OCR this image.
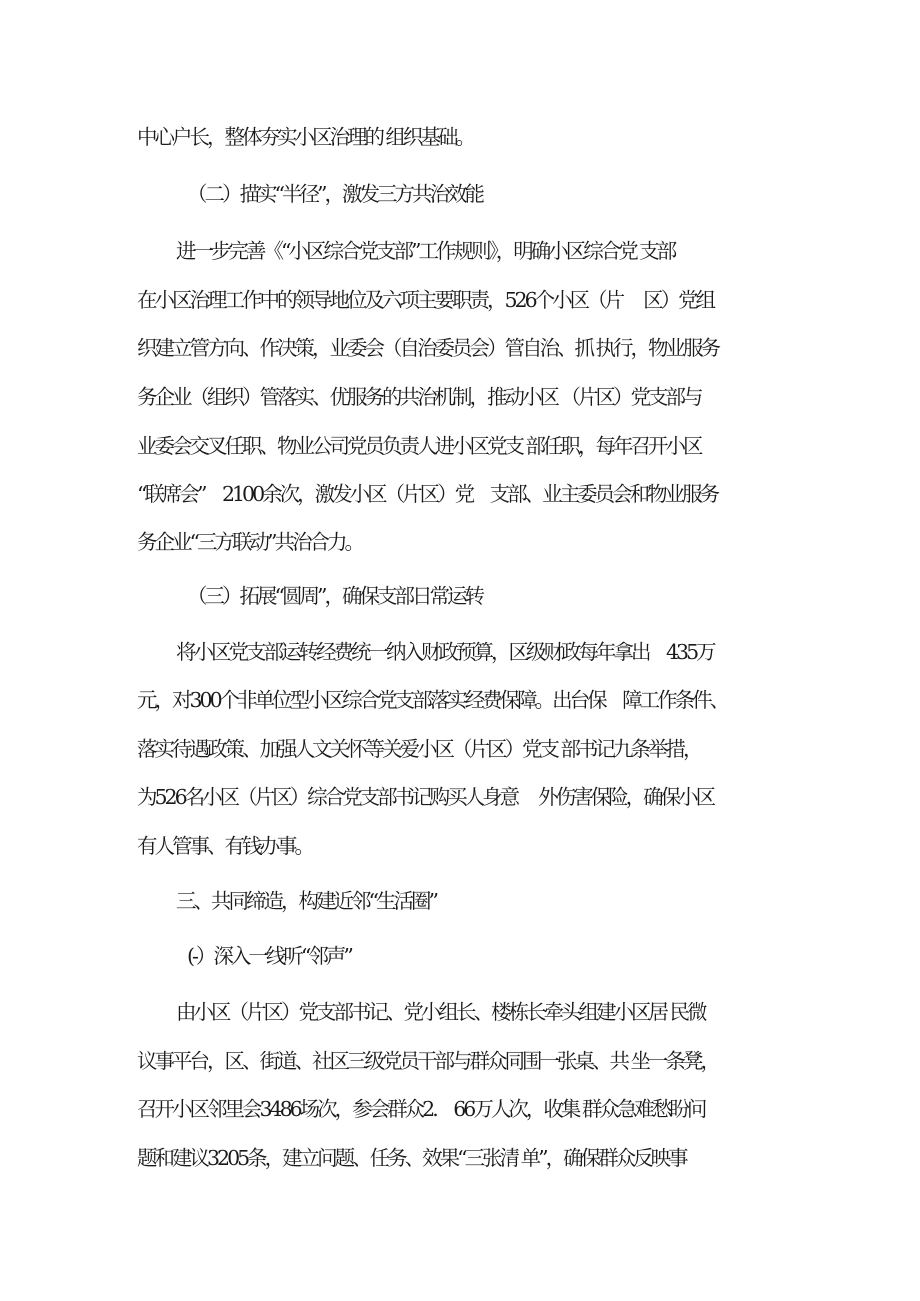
中心户长，整体夯实小区治理的 组织基础。
（二）描实“半径”，激发三方共治效能
进一步完善《“小区综合党支部”工作规则》，明确小区综合党 支部
在小区治理工作中的领导地位及六项主要职责，526个小区（片　 区）党组
织建立管方向、作决策，业委会（自治委员会）管自治、抓 执行，物业服务
务企业（组织）管落实、优服务的共治机制，推动小区 （片区）党支部与
业委会交叉任职、物业公司党员负责人进小区党支 部任职，每年召开小区
“联席会”　2100余次，激发小区（片区）党　支部、业主委员会和物业服务
务企业“三方联动”共治合力。
（三）拓展“圆周”，确保支部日常运转
将小区党支部运转经费统一纳入财政预算，区级财政每年拿出　435万
元，对300个非单位型小区综合党支部落实经费保障。出台保　障工作条件、
落实待遇政策、加强人文关怀等关爱小区（片区）党支 部书记九条举措，
为526名小区（片区）综合党支部书记购买人身意　 外伤害保险，确保小区
有人管事、有钱办事。
三、共同缔造，构建近邻“生活圈”
(-）深入一线听“邻声”
由小区（片区）党支部书记、党小组长、楼栋长牵头组建小区居 民微
议事平台，区、街道、社区三级党员干部与群众同围一张桌、共 坐一条凳，
召开小区邻里会3486场次，参会群众2.　66万人次，收集 群众急难愁盼问
题和建议3205条，建立问题、任务、效果“三张清 单”，确保群众反映事
